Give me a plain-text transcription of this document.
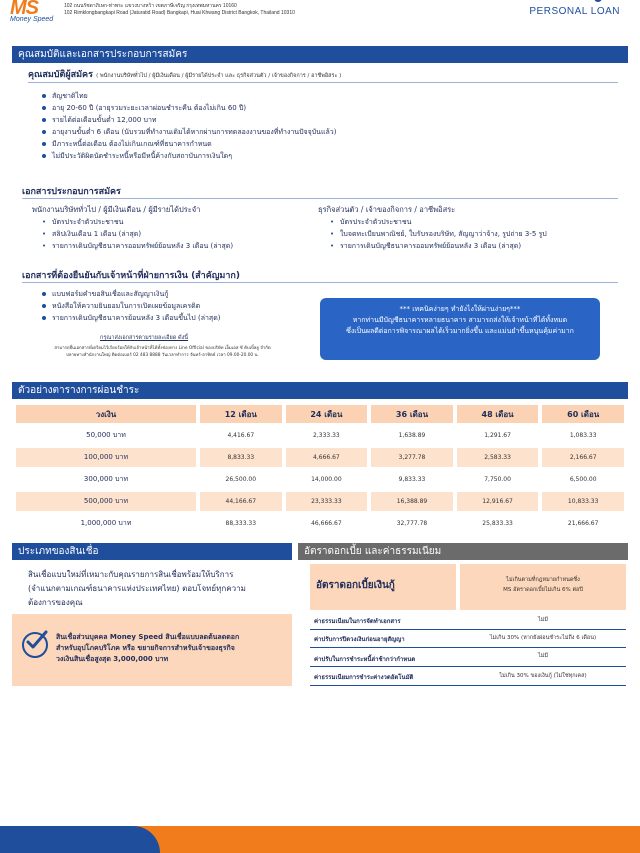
MS
Money Speed
102 ถนนรัชดาภิเษก-ท่าพระ แขวงบางหว้า เขตภาษีเจริญ กรุงเทพมหานคร 10160
102 Rimklongbangkapi Road (Jaturatid Road) Bangkapi, Huai Khwang District Bangkok, Thailand 10310	PERSONAL LOAN
คุณสมบัติและเอกสารประกอบการสมัคร
คุณสมบัติผู้สมัคร ( พนักงานบริษัททั่วไป / ผู้มีเงินเดือน / ผู้มีรายได้ประจำ และ ธุรกิจส่วนตัว / เจ้าของกิจการ / อาชีพอิสระ )
สัญชาติไทย
อายุ 20-60 ปี (อายุรวมระยะเวลาผ่อนชำระคืน ต้องไม่เกิน 60 ปี)
รายได้ต่อเดือนขั้นต่ำ 12,000 บาท
อายุงานขั้นต่ำ 6 เดือน (นับรวมที่ทำงานเดิมได้หากผ่านการทดลองงานของที่ทำงานปัจจุบันแล้ว)
มีภาระหนี้ต่อเดือน ต้องไม่เกินเกณฑ์ที่ธนาคารกำหนด
ไม่มีประวัติผิดนัดชำระหนี้หรือมีหนี้ค้างกับสถาบันการเงินใดๆ
เอกสารประกอบการสมัคร
พนักงานบริษัททั่วไป / ผู้มีเงินเดือน / ผู้มีรายได้ประจำ
• บัตรประจำตัวประชาชน
• สลิปเงินเดือน 1 เดือน (ล่าสุด)
• รายการเดินบัญชีธนาคารออมทรัพย์ย้อนหลัง 3 เดือน (ล่าสุด)
ธุรกิจส่วนตัว / เจ้าของกิจการ / อาชีพอิสระ
• บัตรประจำตัวประชาชน
• ใบจดทะเบียนพาณิชย์, ใบรับรองบริษัท, สัญญาว่าจ้าง, รูปถ่าย 3-5 รูป
• รายการเดินบัญชีธนาคารออมทรัพย์ย้อนหลัง 3 เดือน (ล่าสุด)
เอกสารที่ต้องยืนยันกับเจ้าหน้าที่ฝ่ายการเงิน (สำคัญมาก)
แบบฟอร์มคำขอสินเชื่อและสัญญาเงินกู้
หนังสือให้ความยินยอมในการเปิดเผยข้อมูลเครดิต
รายการเดินบัญชีธนาคารย้อนหลัง 3 เดือนขึ้นไป (ล่าสุด)
กรุณาส่งเอกสารตามรายละเอียด ดังนี้
สามารถยื่นเอกสารที่เตรียมไว้เรียบร้อยให้กับเจ้าหน้าที่ได้ทั้งช่องทาง Line Official ของบริษัท เอ็มเอส ซี ดับเบิ้ลยู จำกัด
ปลายทางสำนักงานใหญ่ ติดต่อเบอร์ 02 483 8888 วันเวลาทำการ จันทร์-อาทิตย์ เวลา 09.00-20.00 น.
*** เทคนิคง่ายๆ ทำยังไงให้ผ่านง่ายๆ***
หากท่านมีบัญชีธนาคารหลายธนาคาร สามารถส่งให้เจ้าหน้าที่ได้ทั้งหมด
ซึ่งเป็นผลดีต่อการพิจารณาผลได้เร็วมากยิ่งขึ้น และแม่นยำขึ้นหนุนคุ้มค่ามาก
ตัวอย่างตารางการผ่อนชำระ
วงเงิน	12 เดือน	24 เดือน	36 เดือน	48 เดือน	60 เดือน
50,000 บาท	4,416.67	2,333.33	1,638.89	1,291.67	1,083.33
100,000 บาท	8,833.33	4,666.67	3,277.78	2,583.33	2,166.67
300,000 บาท	26,500.00	14,000.00	9,833.33	7,750.00	6,500.00
500,000 บาท	44,166.67	23,333.33	16,388.89	12,916.67	10,833.33
1,000,000 บาท	88,333.33	46,666.67	32,777.78	25,833.33	21,666.67
ประเภทของสินเชื่อ
สินเชื่อแบบใหม่ที่เหมาะกับคุณรายการสินเชื่อพร้อมให้บริการ
(จำแนกตามเกณฑ์ธนาคารแห่งประเทศไทย) ตอบโจทย์ทุกความ
ต้องการของคุณ
สินเชื่อส่วนบุคคล Money Speed สินเชื่อแบบลดต้นลดดอก
สำหรับอุปโภคบริโภค หรือ ขยายกิจการสำหรับเจ้าของธุรกิจ
วงเงินสินเชื่อสูงสุด 3,000,000 บาท
อัตราดอกเบี้ย และค่าธรรมเนียม
อัตราดอกเบี้ยเงินกู้	ไม่เกินตามที่กฎหมายกำหนดซึ่ง
MS อัตราดอกเบี้ยไม่เกิน 6% ต่อปี
ค่าธรรมเนียมในการจัดทำเอกสาร	ไม่มี
ค่าปรับการปิดวงเงินก่อนอายุสัญญา	ไม่เกิน 30% (หากยังผ่อนชำระไม่ถึง 6 เดือน)
ค่าปรับในการชำระหนี้ล่าช้ากว่ากำหนด	ไม่มี
ค่าธรรมเนียมการชำระค่างวดอัตโนมัติ	ไม่เกิน 30% ของเงินกู้ (ไม่ใช่ทุกเคส)
